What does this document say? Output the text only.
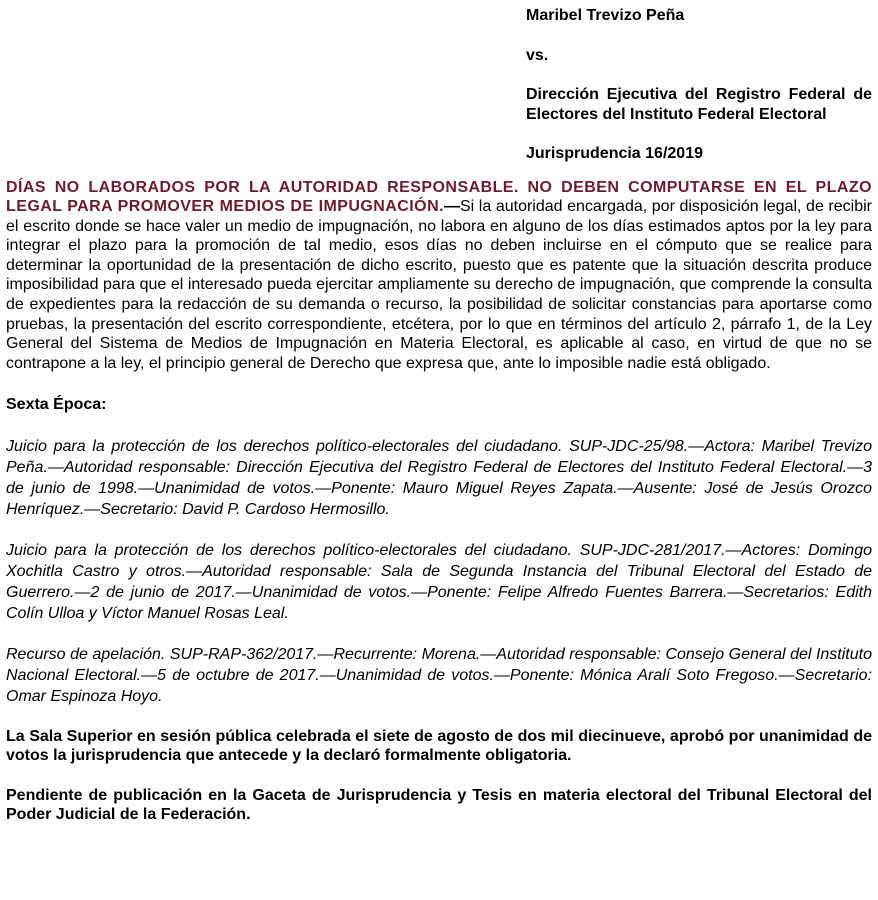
Maribel Trevizo Peña

vs.

Dirección Ejecutiva del Registro Federal de Electores del Instituto Federal Electoral

Jurisprudencia 16/2019

DÍAS NO LABORADOS POR LA AUTORIDAD RESPONSABLE. NO DEBEN COMPUTARSE EN EL PLAZO LEGAL PARA PROMOVER MEDIOS DE IMPUGNACIÓN.—Si la autoridad encargada, por disposición legal, de recibir el escrito donde se hace valer un medio de impugnación, no labora en alguno de los días estimados aptos por la ley para integrar el plazo para la promoción de tal medio, esos días no deben incluirse en el cómputo que se realice para determinar la oportunidad de la presentación de dicho escrito, puesto que es patente que la situación descrita produce imposibilidad para que el interesado pueda ejercitar ampliamente su derecho de impugnación, que comprende la consulta de expedientes para la redacción de su demanda o recurso, la posibilidad de solicitar constancias para aportarse como pruebas, la presentación del escrito correspondiente, etcétera, por lo que en términos del artículo 2, párrafo 1, de la Ley General del Sistema de Medios de Impugnación en Materia Electoral, es aplicable al caso, en virtud de que no se contrapone a la ley, el principio general de Derecho que expresa que, ante lo imposible nadie está obligado.

Sexta Época:

Juicio para la protección de los derechos político-electorales del ciudadano. SUP-JDC-25/98.—Actora: Maribel Trevizo Peña.—Autoridad responsable: Dirección Ejecutiva del Registro Federal de Electores del Instituto Federal Electoral.—3 de junio de 1998.—Unanimidad de votos.—Ponente: Mauro Miguel Reyes Zapata.—Ausente: José de Jesús Orozco Henríquez.—Secretario: David P. Cardoso Hermosillo.

Juicio para la protección de los derechos político-electorales del ciudadano. SUP-JDC-281/2017.—Actores: Domingo Xochitla Castro y otros.—Autoridad responsable: Sala de Segunda Instancia del Tribunal Electoral del Estado de Guerrero.—2 de junio de 2017.—Unanimidad de votos.—Ponente: Felipe Alfredo Fuentes Barrera.—Secretarios: Edith Colín Ulloa y Víctor Manuel Rosas Leal.

Recurso de apelación. SUP-RAP-362/2017.—Recurrente: Morena.—Autoridad responsable: Consejo General del Instituto Nacional Electoral.—5 de octubre de 2017.—Unanimidad de votos.—Ponente: Mónica Aralí Soto Fregoso.—Secretario: Omar Espinoza Hoyo.

La Sala Superior en sesión pública celebrada el siete de agosto de dos mil diecinueve, aprobó por unanimidad de votos la jurisprudencia que antecede y la declaró formalmente obligatoria.

Pendiente de publicación en la Gaceta de Jurisprudencia y Tesis en materia electoral del Tribunal Electoral del Poder Judicial de la Federación.
